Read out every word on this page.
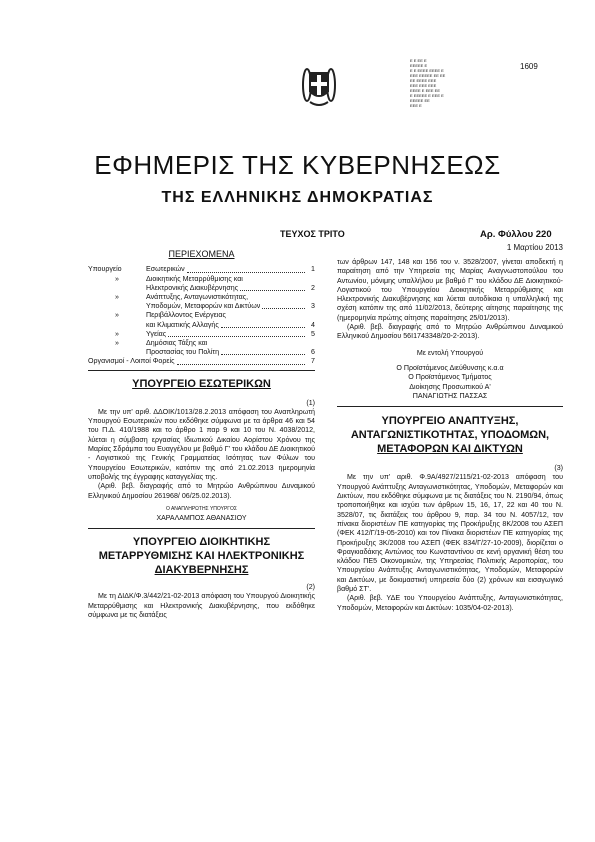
Ε Ε ΕΕ Ε
ΕΕΕΕΕ Ε
Ε Ε ΕΕΕΕ ΕΕΕΕ Ε
ΕΕΕ ΕΕΕΕΕ ΕΕ ΕΕ
ΕΕ ΕΕΕΕ ΕΕΕ
ΕΕΕ ΕΕΕ ΕΕΕ
ΕΕΕΕ Ε ΕΕΕ ΕΕ
Ε ΕΕΕΕΕ Ε ΕΕΕ Ε
ΕΕΕΕΕ ΕΕ
ΕΕΕ Ε
1609
ΕΦΗΜΕΡΙΣ ΤΗΣ ΚΥΒΕΡΝΗΣΕΩΣ
ΤΗΣ ΕΛΛΗΝΙΚΗΣ ΔΗΜΟΚΡΑΤΙΑΣ
ΤΕΥΧΟΣ ΤΡΙΤΟ	Αρ. Φύλλου 220
1 Μαρτίου 2013
ΠΕΡΙΕΧΟΜΕΝΑ
Υπουργείο	Εσωτερικών	1
»	Διοικητικής Μεταρρύθμισης και
Ηλεκτρονικής Διακυβέρνησης	2
»	Ανάπτυξης, Ανταγωνιστικότητας,
Υποδομών, Μεταφορών και Δικτύων	3
»	Περιβάλλοντος Ενέργειας
και Κλιματικής Αλλαγής	4
»	Υγείας	5
»	Δημόσιας Τάξης και
Προστασίας του Πολίτη	6
Οργανισμοί - Λοιποί Φορείς	7
ΥΠΟΥΡΓΕΙΟ ΕΣΩΤΕΡΙΚΩΝ
(1)

Με την υπ' αριθ. ΔΔΟΙΚ/1013/28.2.2013 απόφαση του Αναπληρωτή Υπουργού Εσωτερικών που εκδόθηκε σύμφωνα με τα άρθρα 46 και 54 του Π.Δ. 410/1988 και το άρθρο 1 παρ 9 και 10 του Ν. 4038/2012, λύεται η σύμβαση εργασίας Ιδιωτικού Δικαίου Αορίστου Χρόνου της Μαρίας Σδράμπα του Ευαγγέλου με βαθμό Γ' του κλάδου ΔΕ Διοικητικού - Λογιστικού της Γενικής Γραμματείας Ισότητας των Φύλων του Υπουργείου Εσωτερικών, κατόπιν της από 21.02.2013 ημερομηνία υποβολής της έγγραφης καταγγελίας της.

(Αριθ. βεβ. διαγραφής από το Μητρώο Ανθρώπινου Δυναμικού Ελληνικού Δημοσίου 261968/ 06/25.02.2013).

Ο ΑΝΑΠΛΗΡΩΤΗΣ ΥΠΟΥΡΓΟΣ
ΧΑΡΑΛΑΜΠΟΣ ΑΘΑΝΑΣΙΟΥ
ΥΠΟΥΡΓΕΙΟ ΔΙΟΙΚΗΤΙΚΗΣ
ΜΕΤΑΡΡΥΘΜΙΣΗΣ ΚΑΙ ΗΛΕΚΤΡΟΝΙΚΗΣ
ΔΙΑΚΥΒΕΡΝΗΣΗΣ
(2)

Με τη ΔΙΔΚ/Φ.3/442/21-02-2013 απόφαση του Υπουργού Διοικητικής Μεταρρύθμισης και Ηλεκτρονικής Διακυβέρνησης, που εκδόθηκε σύμφωνα με τις διατάξεις

των άρθρων 147, 148 και 156 του ν. 3528/2007, γίνεται αποδεκτή η παραίτηση από την Υπηρεσία της Μαρίας Αναγνωστοπούλου του Αντωνίου, μόνιμης υπαλλήλου με βαθμό Γ' του κλάδου ΔΕ Διοικητικού-Λογιστικού του Υπουργείου Διοικητικής Μεταρρύθμισης και Ηλεκτρονικής Διακυβέρνησης και λύεται αυτοδίκαια η υπαλληλική της σχέση κατόπιν της από 11/02/2013, δεύτερης αίτησης παραίτησης της (ημερομηνία πρώτης αίτησης παραίτησης 25/01/2013).

(Αριθ. βεβ. διαγραφής από το Μητρώο Ανθρώπινου Δυναμικού Ελληνικού Δημοσίου 56I1743348/20-2-2013).

Με εντολή Υπουργού
Ο Προϊστάμενος Διεύθυνσης κ.α.α
Ο Προϊστάμενος Τμήματος
Διοίκησης Προσωπικού Α'
ΠΑΝΑΓΙΩΤΗΣ ΠΑΣΣΑΣ
ΥΠΟΥΡΓΕΙΟ ΑΝΑΠΤΥΞΗΣ,
ΑΝΤΑΓΩΝΙΣΤΙΚΟΤΗΤΑΣ, ΥΠΟΔΟΜΩΝ,
ΜΕΤΑΦΟΡΩΝ ΚΑΙ ΔΙΚΤΥΩΝ
(3)

Με την υπ' αριθ. Φ.9Α/4927/2115/21-02-2013 απόφαση του Υπουργού Ανάπτυξης Ανταγωνιστικότητας, Υποδομών, Μεταφορών και Δικτύων, που εκδόθηκε σύμφωνα με τις διατάξεις του Ν. 2190/94, όπως τροποποιήθηκε και ισχύει των άρθρων 15, 16, 17, 22 και 40 του Ν. 3528/07, τις διατάξεις του άρθρου 9, παρ. 34 του Ν. 4057/12, τον πίνακα διοριστέων ΠΕ κατηγορίας της Προκήρυξης 8Κ/2008 του ΑΣΕΠ (ΦΕΚ 412/Γ/19-05-2010) και τον Πίνακα διοριστέων ΠΕ κατηγορίας της Προκήρυξης 3Κ/2008 του ΑΣΕΠ (ΦΕΚ 834/Γ/27-10-2009), διορίζεται ο Φραγκιαδάκης Αντώνιος του Κωνσταντίνου σε κενή οργανική θέση του κλάδου ΠΕ5 Οικονομικών, της Υπηρεσίας Πολιτικής Αεροπορίας, του Υπουργείου Ανάπτυξης Ανταγωνιστικότητας, Υποδομών, Μεταφορών και Δικτύων, με δοκιμαστική υπηρεσία δύο (2) χρόνων και εισαγωγικό βαθμό ΣΤ'.

(Αριθ. βεβ. ΥΔΕ του Υπουργείου Ανάπτυξης, Ανταγωνιστικότητας, Υποδομών, Μεταφορών και Δικτύων: 1035/04-02-2013).
